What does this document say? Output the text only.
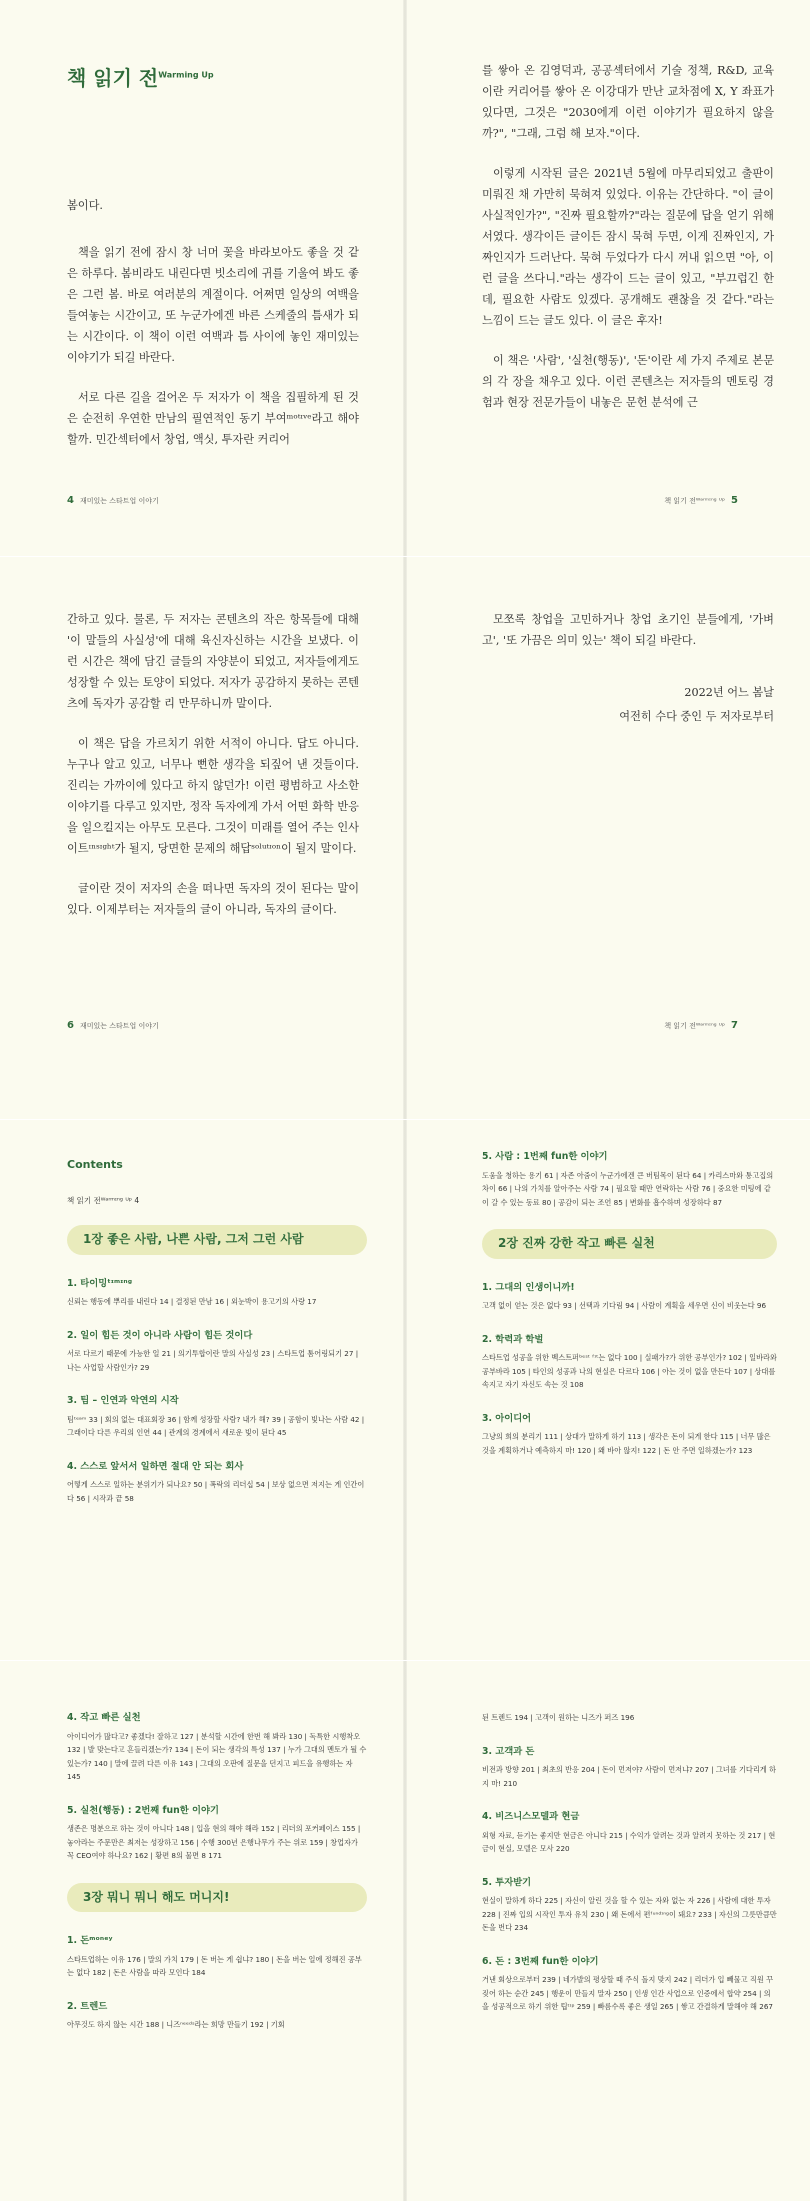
책 읽기 전$^{Warming Up}$

봄이다.

책을 읽기 전에 잠시 창 너머 꽃을 바라보아도 좋을 것 같은 하루다. 봄비라도 내린다면 빗소리에 귀를 기울여 봐도 좋은 그런 봄. 바로 여러분의 계절이다. 어쩌면 일상의 여백을 들여놓는 시간이고, 또 누군가에겐 바른 스케줄의 틈새가 되는 시간이다. 이 책이 이런 여백과 틈 사이에 놓인 재미있는 이야기가 되길 바란다.

서로 다른 길을 걸어온 두 저자가 이 책을 집필하게 된 것은 순전히 우연한 만남의 필연적인 동기 부여ᵐᵒᵗᶦᵛᵉ라고 해야 할까. 민간섹터에서 창업, 액싯, 투자란 커리어

를 쌓아 온 김영덕과, 공공섹터에서 기술 정책, R&D, 교육이란 커리어를 쌓아 온 이강대가 만난 교차점에 X, Y 좌표가 있다면, 그것은 "2030에게 이런 이야기가 필요하지 않을까?", "그래, 그럼 해 보자."이다.

이렇게 시작된 글은 2021년 5월에 마무리되었고 출판이 미뤄진 채 가만히 묵혀져 있었다. 이유는 간단하다. "이 글이 사실적인가?", "진짜 필요할까?"라는 질문에 답을 얻기 위해서였다. 생각이든 글이든 잠시 묵혀 두면, 이게 진짜인지, 가짜인지가 드러난다. 묵혀 두었다가 다시 꺼내 읽으면 "아, 이런 글을 쓰다니."라는 생각이 드는 글이 있고, "부끄럽긴 한데, 필요한 사람도 있겠다. 공개해도 괜찮을 것 같다."라는 느낌이 드는 글도 있다. 이 글은 후자!

이 책은 '사람', '실천(행동)', '돈'이란 세 가지 주제로 본문의 각 장을 채우고 있다. 이런 콘텐츠는 저자들의 멘토링 경험과 현장 전문가들이 내놓은 문헌 분석에 근

4 재미있는 스타트업 이야기	책 읽기 전ᵂᵃʳᵐᶦⁿᵍ ᵁᵖ 5

간하고 있다. 물론, 두 저자는 콘텐츠의 작은 항목들에 대해 '이 말들의 사실성'에 대해 육신자신하는 시간을 보냈다. 이런 시간은 책에 담긴 글들의 자양분이 되었고, 저자들에게도 성장할 수 있는 토양이 되었다. 저자가 공감하지 못하는 콘텐츠에 독자가 공감할 리 만무하니까 말이다.

이 책은 답을 가르치기 위한 서적이 아니다. 답도 아니다. 누구나 알고 있고, 너무나 뻔한 생각을 되짚어 낸 것들이다. 진리는 가까이에 있다고 하지 않던가! 이런 평범하고 사소한 이야기를 다루고 있지만, 정작 독자에게 가서 어떤 화학 반응을 일으킬지는 아무도 모른다. 그것이 미래를 열어 주는 인사이트ᶦⁿˢᶦᵍʰᵗ가 될지, 당면한 문제의 해답ˢᵒˡᵘᵗᶦᵒⁿ이 될지 말이다.

글이란 것이 저자의 손을 떠나면 독자의 것이 된다는 말이 있다. 이제부터는 저자들의 글이 아니라, 독자의 글이다.

모쪼록 창업을 고민하거나 창업 초기인 분들에게, '가벼고', '또 가끔은 의미 있는' 책이 되길 바란다.

2022년 어느 봄날
여전히 수다 중인 두 저자로부터
6 재미있는 스타트업 이야기	책 읽기 전ᵂᵃʳᵐᶦⁿᵍ ᵁᵖ 7
Contents
책 읽기 전ᵂᵃʳᵐᶦⁿᵍ ᵁᵖ 4
1장 좋은 사람, 나쁜 사람, 그저 그런 사람
1. 타이밍ᵗᶦᵐᶦⁿᵍ
신뢰는 행동에 뿌리를 내린다 14 | 결정된 만남 16 | 외눈박이 용고기의 사랑 17
2. 일이 힘든 것이 아니라 사람이 힘든 것이다
서로 다르기 때문에 가능한 일 21 | 의기투합이란 말의 사실성 23 | 스타트업 톰어링되기 27 | 나는 사업할 사람인가? 29
3. 팀 – 인연과 악연의 시작
팀ᵗᵉᵃᵐ 33 | 회의 없는 대표회장 36 | 함께 성장할 사람? 내가 해? 39 | 공함이 빛나는 사람 42 | 그래이다 다른 우리의 인연 44 | 관계의 경계에서 새로운 빛이 된다 45
4. 스스로 앞서서 일하면 절대 안 되는 회사
어떻게 스스로 일하는 분위기가 되나요? 50 | 폭락의 리더십 54 | 보상 없으면 저지는 게 인간이다 56 | 시작과 끝 58
5. 사람 : 1번째 fun한 이야기
도움을 청하는 용기 61 | 자존 아줌이 누군가에겐 큰 버팀목이 된다 64 | 카리스마와 통고집의 차이 66 | 나의 가치를 알아주는 사람 74 | 필요할 때만 연락하는 사람 76 | 중요한 미팅에 같이 갈 수 있는 동료 80 | 공감이 되는 조언 85 | 변화를 흡수하며 성장하다 87
2장 진짜 강한 작고 빠른 실천
1. 그대의 인생이니까!
고객 없이 얻는 것은 없다 93 | 선택과 기다림 94 | 사람이 계획을 세우면 신이 비웃는다 96
2. 학력과 학벌
스타트업 성공을 위한 벡스트퍼ᵇᵉˢᵗ ᶠᶦᵗ는 없다 100 | 실패가?가 위한 공부인가? 102 | 일바라와 공부바라 105 | 타인의 성공과 나의 현실은 다르다 106 | 아는 것이 없을 만든다 107 | 상대를 속지고 자기 자신도 속는 것 108
3. 아이디어
그냥의 희의 분리기 111 | 상대가 말하게 하기 113 | 생각은 돈이 되게 한다 115 | 너무 많은 것을 계획하거나 예측하지 마! 120 | 왜 바아 않지! 122 | 돈 안 주면 일하겠는가? 123
4. 작고 빠른 실천
아이디어가 많다고? 좋겠다! 잘하고 127 | 분석할 시간에 한번 해 봐라 130 | 독특한 시행착오 132 | 발 맞는다고 흔들리겠는가? 134 | 돈이 되는 생각의 특성 137 | 누가 그대의 멘토가 될 수 있는가? 140 | 말에 끌려 다른 이유 143 | 그대의 오판에 질문을 던지고 피드을 유행하는 자 145
5. 실천(행동) : 2번째 fun한 이야기
생존은 명분으로 하는 것이 아니다 148 | 입을 현의 해야 해라 152 | 리더의 포커페이스 155 | 놓아라는 주문만은 최저는 성장하고 156 | 수행 300년 은행나무가 주는 위로 159 | 창업자가 꼭 CEO여야 하나요? 162 | 황편 8의 물면 8 171
3장 뭐니 뭐니 해도 머니지!
1. 돈ᵐᵒⁿᵉʸ
스타트업하는 이유 176 | 말의 가치 179 | 돈 버는 게 쉽냐? 180 | 돈을 버는 일에 정해진 공부는 없다 182 | 돈은 사람을 따라 모인다 184
2. 트렌드
아무것도 하지 않는 시간 188 | 니즈ⁿᵉᵉᵈˢ라는 희망 만들기 192 | 기회
된 트렌드 194 | 고객이 원하는 니즈가 퍼즈 196
3. 고객과 돈
비전과 방향 201 | 최초의 반응 204 | 돈이 먼저야? 사람이 먼저냐? 207 | 그녀를 기다리게 하지 마! 210
4. 비즈니스모델과 현금
외형 자료, 듣기는 좋지만 현금은 아니다 215 | 수익가 알려는 것과 알려지 못하는 것 217 | 현금이 현실, 모델은 모사 220
5. 투자받기
현실이 말하게 하다 225 | 자신이 알린 것을 할 수 있는 자와 없는 자 226 | 사람에 대한 투자 228 | 진짜 입의 시작인 투자 유치 230 | 왜 돈에서 편ᶠᵘⁿᵈᶦⁿᵍ이 돼요? 233 | 자신의 그릇만큼만 돈을 번다 234
6. 돈 : 3번째 fun한 이야기
거낸 회상으로부터 239 | 네가발의 평상할 때 주식 돌지 맞지 242 | 리더가 입 빼물고 직원 꾸짖어 하는 순간 245 | 행운이 만들지 말자 250 | 인생 인간 사업으로 인증에서 합약 254 | 의을 성공적으로 하기 위한 팁ᵗᶦᵖ 259 | 빠름수록 좋은 생일 265 | 쌓고 간결하게 말해야 해 267
